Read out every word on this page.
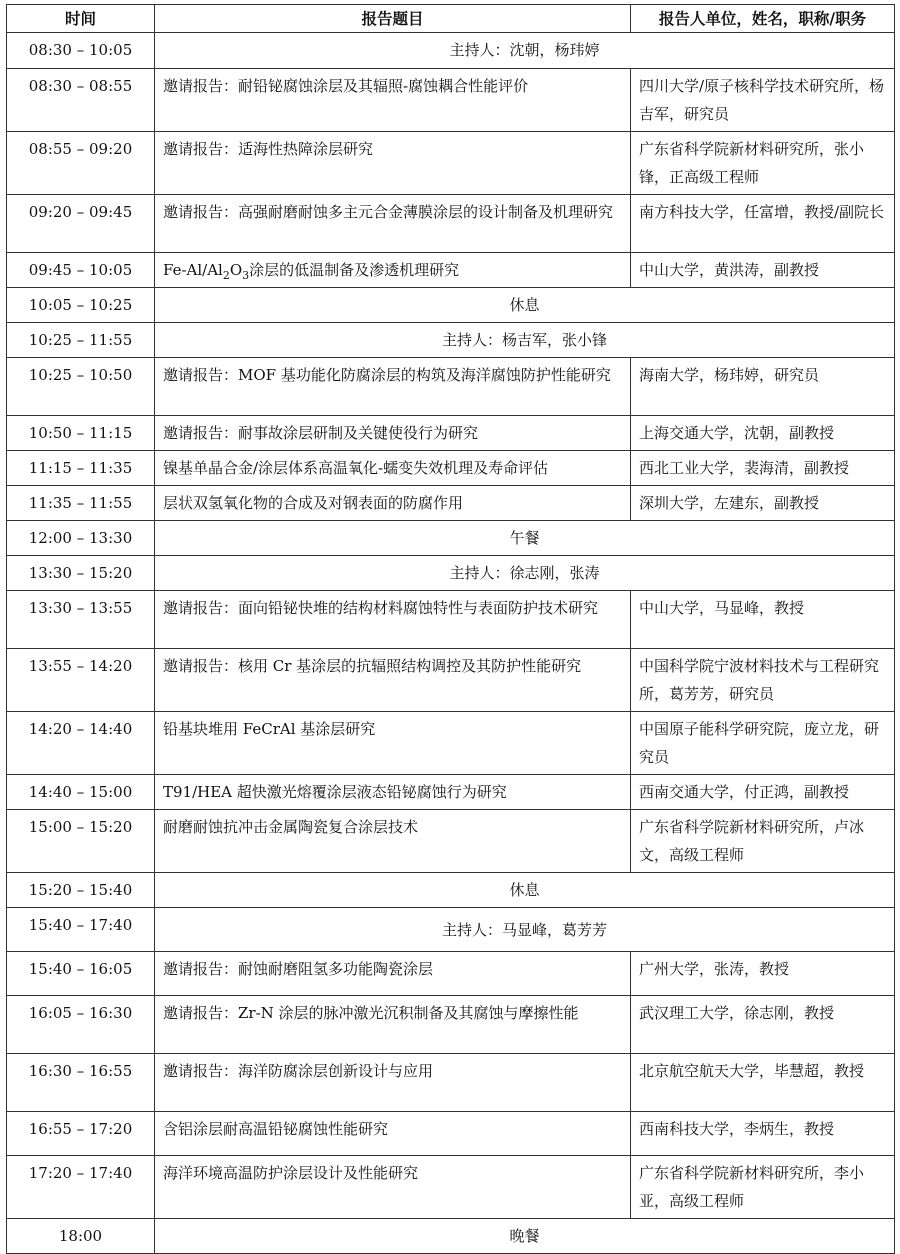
时间	报告题目	报告人单位，姓名，职称/职务
08:30 – 10:05	主持人：沈朝，杨玮婷	
08:30 – 08:55	邀请报告：耐铅铋腐蚀涂层及其辐照-腐蚀耦合性能评价	四川大学/原子核科学技术研究所，杨吉军，研究员
08:55 – 09:20	邀请报告：适海性热障涂层研究	广东省科学院新材料研究所，张小锋，正高级工程师
09:20 – 09:45	邀请报告：高强耐磨耐蚀多主元合金薄膜涂层的设计制备及机理研究	南方科技大学，任富增，教授/副院长
09:45 – 10:05	$Fe-Al/Al_2O_3$涂层的低温制备及渗透机理研究	中山大学，黄洪涛，副教授
10:05 – 10:25	休息	
10:25 – 11:55	主持人：杨吉军，张小锋	
10:25 – 10:50	邀请报告：MOF 基功能化防腐涂层的构筑及海洋腐蚀防护性能研究	海南大学，杨玮婷，研究员
10:50 – 11:15	邀请报告：耐事故涂层研制及关键使役行为研究	上海交通大学，沈朝，副教授
11:15 – 11:35	镍基单晶合金/涂层体系高温氧化-蠕变失效机理及寿命评估	西北工业大学，裴海清，副教授
11:35 – 11:55	层状双氢氧化物的合成及对钢表面的防腐作用	深圳大学，左建东，副教授
12:00 – 13:30	午餐	
13:30 – 15:20	主持人：徐志刚，张涛	
13:30 – 13:55	邀请报告：面向铅铋快堆的结构材料腐蚀特性与表面防护技术研究	中山大学，马显峰，教授
13:55 – 14:20	邀请报告：核用 Cr 基涂层的抗辐照结构调控及其防护性能研究	中国科学院宁波材料技术与工程研究所，葛芳芳，研究员
14:20 – 14:40	铅基块堆用 FeCrAl 基涂层研究	中国原子能科学研究院，庞立龙，研究员
14:40 – 15:00	T91/HEA 超快激光熔覆涂层液态铅铋腐蚀行为研究	西南交通大学，付正鸿，副教授
15:00 – 15:20	耐磨耐蚀抗冲击金属陶瓷复合涂层技术	广东省科学院新材料研究所，卢冰文，高级工程师
15:20 – 15:40	休息	
15:40 – 17:40	主持人：马显峰，葛芳芳	
15:40 – 16:05	邀请报告：耐蚀耐磨阻氢多功能陶瓷涂层	广州大学，张涛，教授
16:05 – 16:30	邀请报告：Zr-N 涂层的脉冲激光沉积制备及其腐蚀与摩擦性能	武汉理工大学，徐志刚，教授
16:30 – 16:55	邀请报告：海洋防腐涂层创新设计与应用	北京航空航天大学，毕慧超，教授
16:55 – 17:20	含铝涂层耐高温铅铋腐蚀性能研究	西南科技大学，李炳生，教授
17:20 – 17:40	海洋环境高温防护涂层设计及性能研究	广东省科学院新材料研究所，李小亚，高级工程师
18:00	晚餐	
